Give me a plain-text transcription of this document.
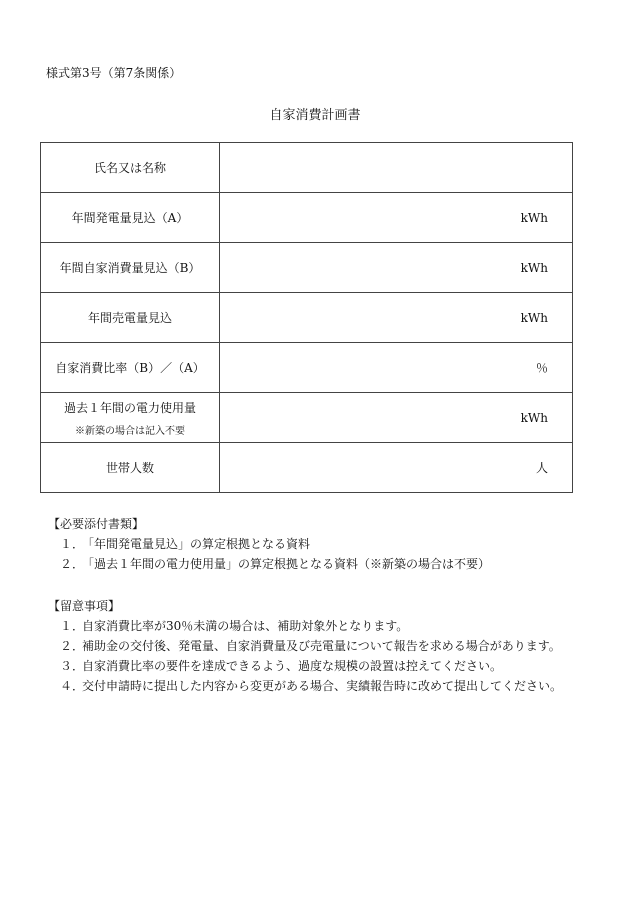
様式第3号（第7条関係）
自家消費計画書
氏名又は名称	

年間発電量見込（A）	kWh

年間自家消費量見込（B）	kWh

年間売電量見込	kWh

自家消費比率（B）／（A）	％

過去１年間の電力使用量
※新築の場合は記入不要	kWh

世帯人数	人
【必要添付書類】
１．「年間発電量見込」の算定根拠となる資料
２．「過去１年間の電力使用量」の算定根拠となる資料（※新築の場合は不要）
【留意事項】
１．自家消費比率が30％未満の場合は、補助対象外となります。
２．補助金の交付後、発電量、自家消費量及び売電量について報告を求める場合があります。
３．自家消費比率の要件を達成できるよう、過度な規模の設置は控えてください。
４．交付申請時に提出した内容から変更がある場合、実績報告時に改めて提出してください。
